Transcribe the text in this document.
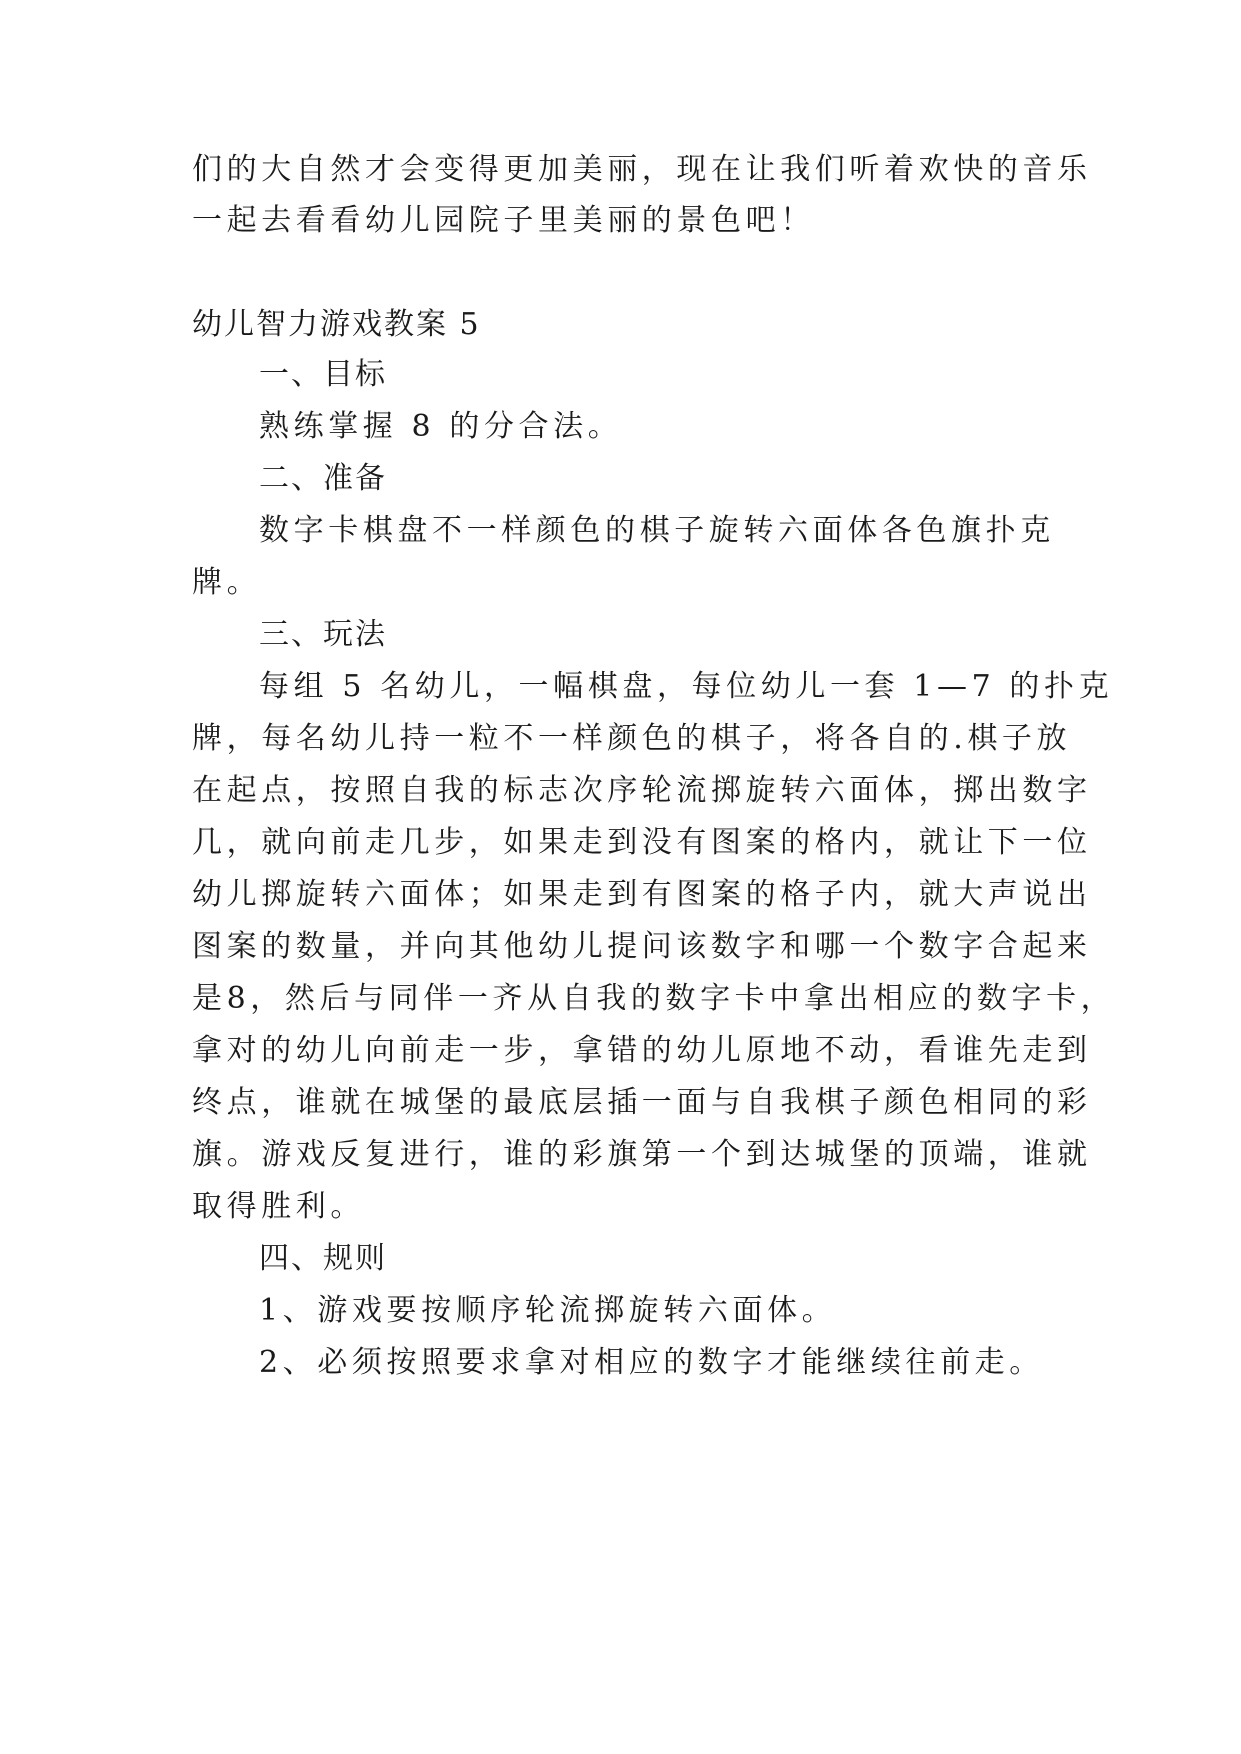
们的大自然才会变得更加美丽，现在让我们听着欢快的音乐

一起去看看幼儿园院子里美丽的景色吧！

幼儿智力游戏教案 5

一、目标

熟练掌握 8 的分合法。

二、准备

数字卡棋盘不一样颜色的棋子旋转六面体各色旗扑克

牌。

三、玩法

每组 5 名幼儿，一幅棋盘，每位幼儿一套 1—7 的扑克

牌，每名幼儿持一粒不一样颜色的棋子，将各自的.棋子放

在起点，按照自我的标志次序轮流掷旋转六面体，掷出数字

几，就向前走几步，如果走到没有图案的格内，就让下一位

幼儿掷旋转六面体；如果走到有图案的格子内，就大声说出

图案的数量，并向其他幼儿提问该数字和哪一个数字合起来

是8，然后与同伴一齐从自我的数字卡中拿出相应的数字卡，

拿对的幼儿向前走一步，拿错的幼儿原地不动，看谁先走到

终点，谁就在城堡的最底层插一面与自我棋子颜色相同的彩

旗。游戏反复进行，谁的彩旗第一个到达城堡的顶端，谁就

取得胜利。

四、规则

1、游戏要按顺序轮流掷旋转六面体。

2、必须按照要求拿对相应的数字才能继续往前走。
